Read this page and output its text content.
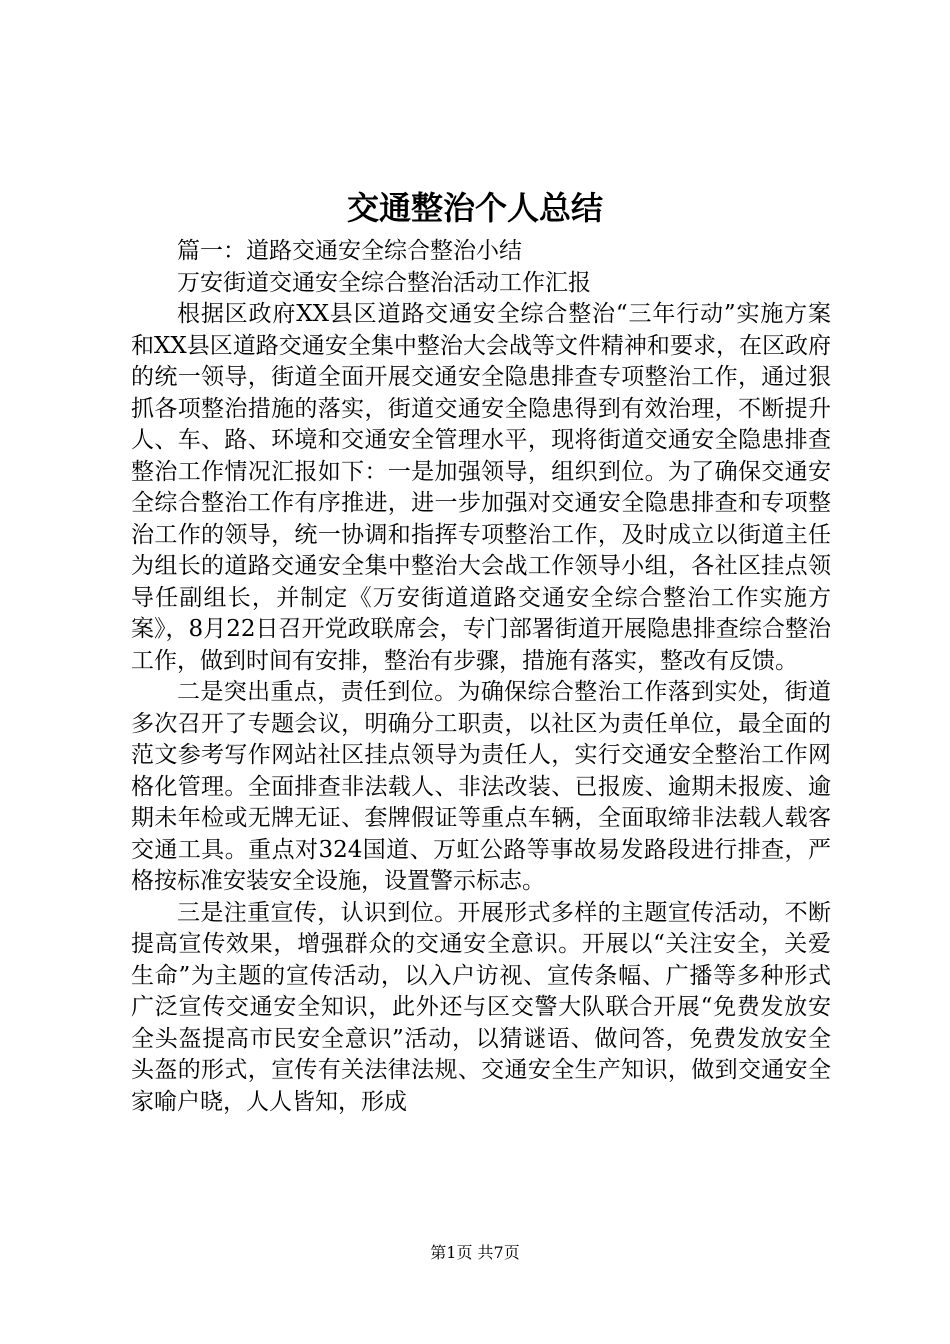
交通整治个人总结

篇一：道路交通安全综合整治小结

万安街道交通安全综合整治活动工作汇报

根据区政府XX县区道路交通安全综合整治“三年行动”实施方案和XX县区道路交通安全集中整治大会战等文件精神和要求，在区政府的统一领导，街道全面开展交通安全隐患排查专项整治工作，通过狠抓各项整治措施的落实，街道交通安全隐患得到有效治理，不断提升人、车、路、环境和交通安全管理水平，现将街道交通安全隐患排查整治工作情况汇报如下：一是加强领导，组织到位。为了确保交通安全综合整治工作有序推进，进一步加强对交通安全隐患排查和专项整治工作的领导，统一协调和指挥专项整治工作，及时成立以街道主任为组长的道路交通安全集中整治大会战工作领导小组，各社区挂点领导任副组长，并制定《万安街道道路交通安全综合整治工作实施方案》，8月22日召开党政联席会，专门部署街道开展隐患排查综合整治工作，做到时间有安排，整治有步骤，措施有落实，整改有反馈。

二是突出重点，责任到位。为确保综合整治工作落到实处，街道多次召开了专题会议，明确分工职责，以社区为责任单位，最全面的范文参考写作网站社区挂点领导为责任人，实行交通安全整治工作网格化管理。全面排查非法载人、非法改装、已报废、逾期未报废、逾期未年检或无牌无证、套牌假证等重点车辆，全面取缔非法载人载客交通工具。重点对324国道、万虹公路等事故易发路段进行排查，严格按标准安装安全设施，设置警示标志。

三是注重宣传，认识到位。开展形式多样的主题宣传活动，不断提高宣传效果，增强群众的交通安全意识。开展以“关注安全，关爱生命”为主题的宣传活动，以入户访视、宣传条幅、广播等多种形式广泛宣传交通安全知识，此外还与区交警大队联合开展“免费发放安全头盔提高市民安全意识”活动，以猜谜语、做问答，免费发放安全头盔的形式，宣传有关法律法规、交通安全生产知识，做到交通安全家喻户晓，人人皆知，形成

第1页 共7页
